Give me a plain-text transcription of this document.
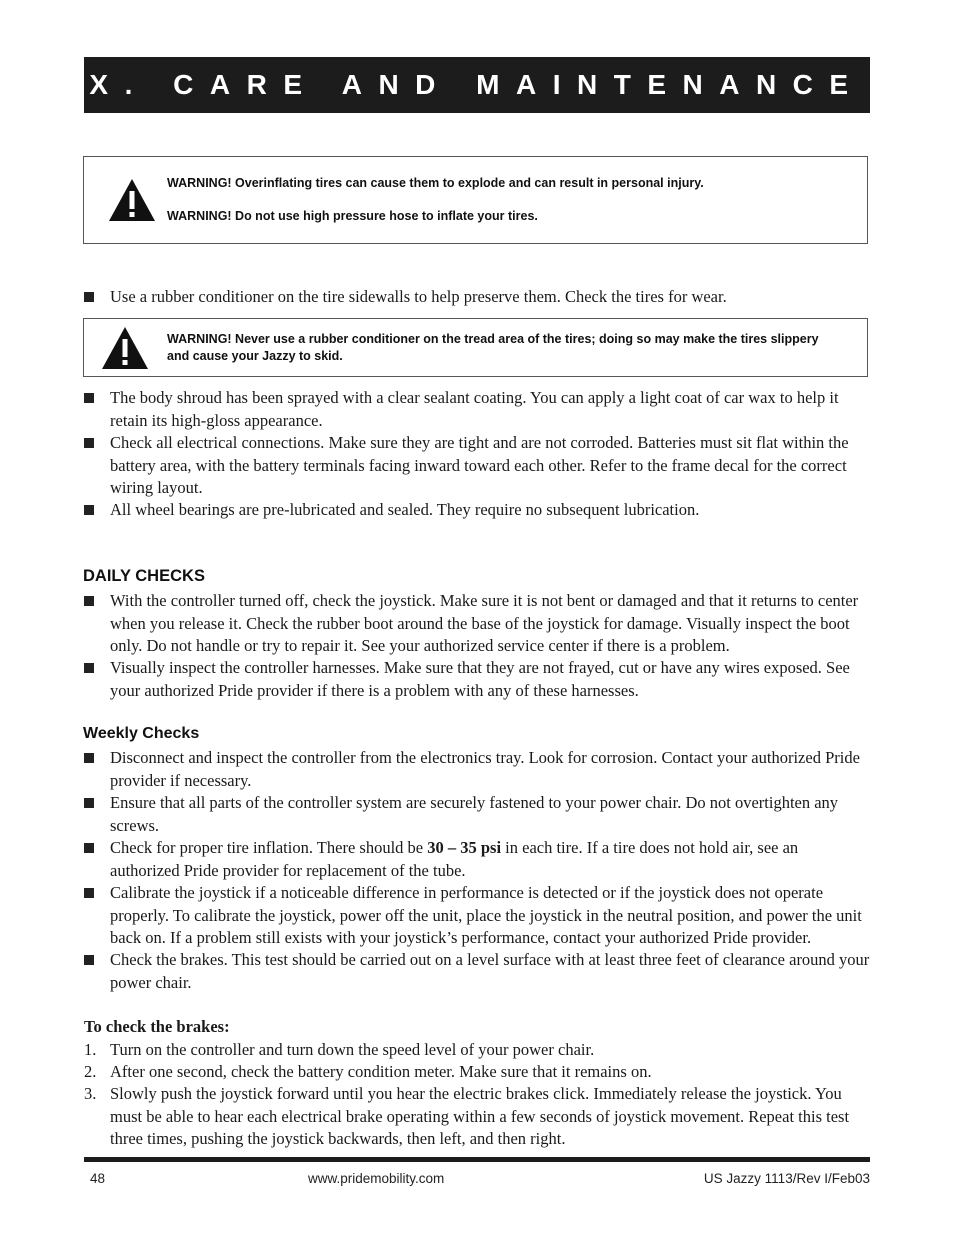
X. CARE AND MAINTENANCE
WARNING! Overinflating tires can cause them to explode and can result in personal injury.
WARNING! Do not use high pressure hose to inflate your tires.
Use a rubber conditioner on the tire sidewalls to help preserve them. Check the tires for wear.
WARNING! Never use a rubber conditioner on the tread area of the tires; doing so may make the tires slippery and cause your Jazzy to skid.
The body shroud has been sprayed with a clear sealant coating. You can apply a light coat of car wax to help it retain its high-gloss appearance.
Check all electrical connections. Make sure they are tight and are not corroded. Batteries must sit flat within the battery area, with the battery terminals facing inward toward each other. Refer to the frame decal for the correct wiring layout.
All wheel bearings are pre-lubricated and sealed. They require no subsequent lubrication.
DAILY CHECKS
With the controller turned off, check the joystick. Make sure it is not bent or damaged and that it returns to center when you release it. Check the rubber boot around the base of the joystick for damage. Visually inspect the boot only. Do not handle or try to repair it. See your authorized service center if there is a problem.
Visually inspect the controller harnesses. Make sure that they are not frayed, cut or have any wires exposed. See your authorized Pride provider if there is a problem with any of these harnesses.
Weekly Checks
Disconnect and inspect the controller from the electronics tray. Look for corrosion. Contact your authorized Pride provider if necessary.
Ensure that all parts of the controller system are securely fastened to your power chair. Do not overtighten any screws.
Check for proper tire inflation. There should be 30 – 35 psi in each tire. If a tire does not hold air, see an authorized Pride provider for replacement of the tube.
Calibrate the joystick if a noticeable difference in performance is detected or if the joystick does not operate properly. To calibrate the joystick, power off the unit, place the joystick in the neutral position, and power the unit back on. If a problem still exists with your joystick’s performance, contact your authorized Pride provider.
Check the brakes. This test should be carried out on a level surface with at least three feet of clearance around your power chair.
To check the brakes:
1. Turn on the controller and turn down the speed level of your power chair.
2. After one second, check the battery condition meter. Make sure that it remains on.
3. Slowly push the joystick forward until you hear the electric brakes click. Immediately release the joystick. You must be able to hear each electrical brake operating within a few seconds of joystick movement. Repeat this test three times, pushing the joystick backwards, then left, and then right.
48	www.pridemobility.com	US Jazzy 1113/Rev I/Feb03
